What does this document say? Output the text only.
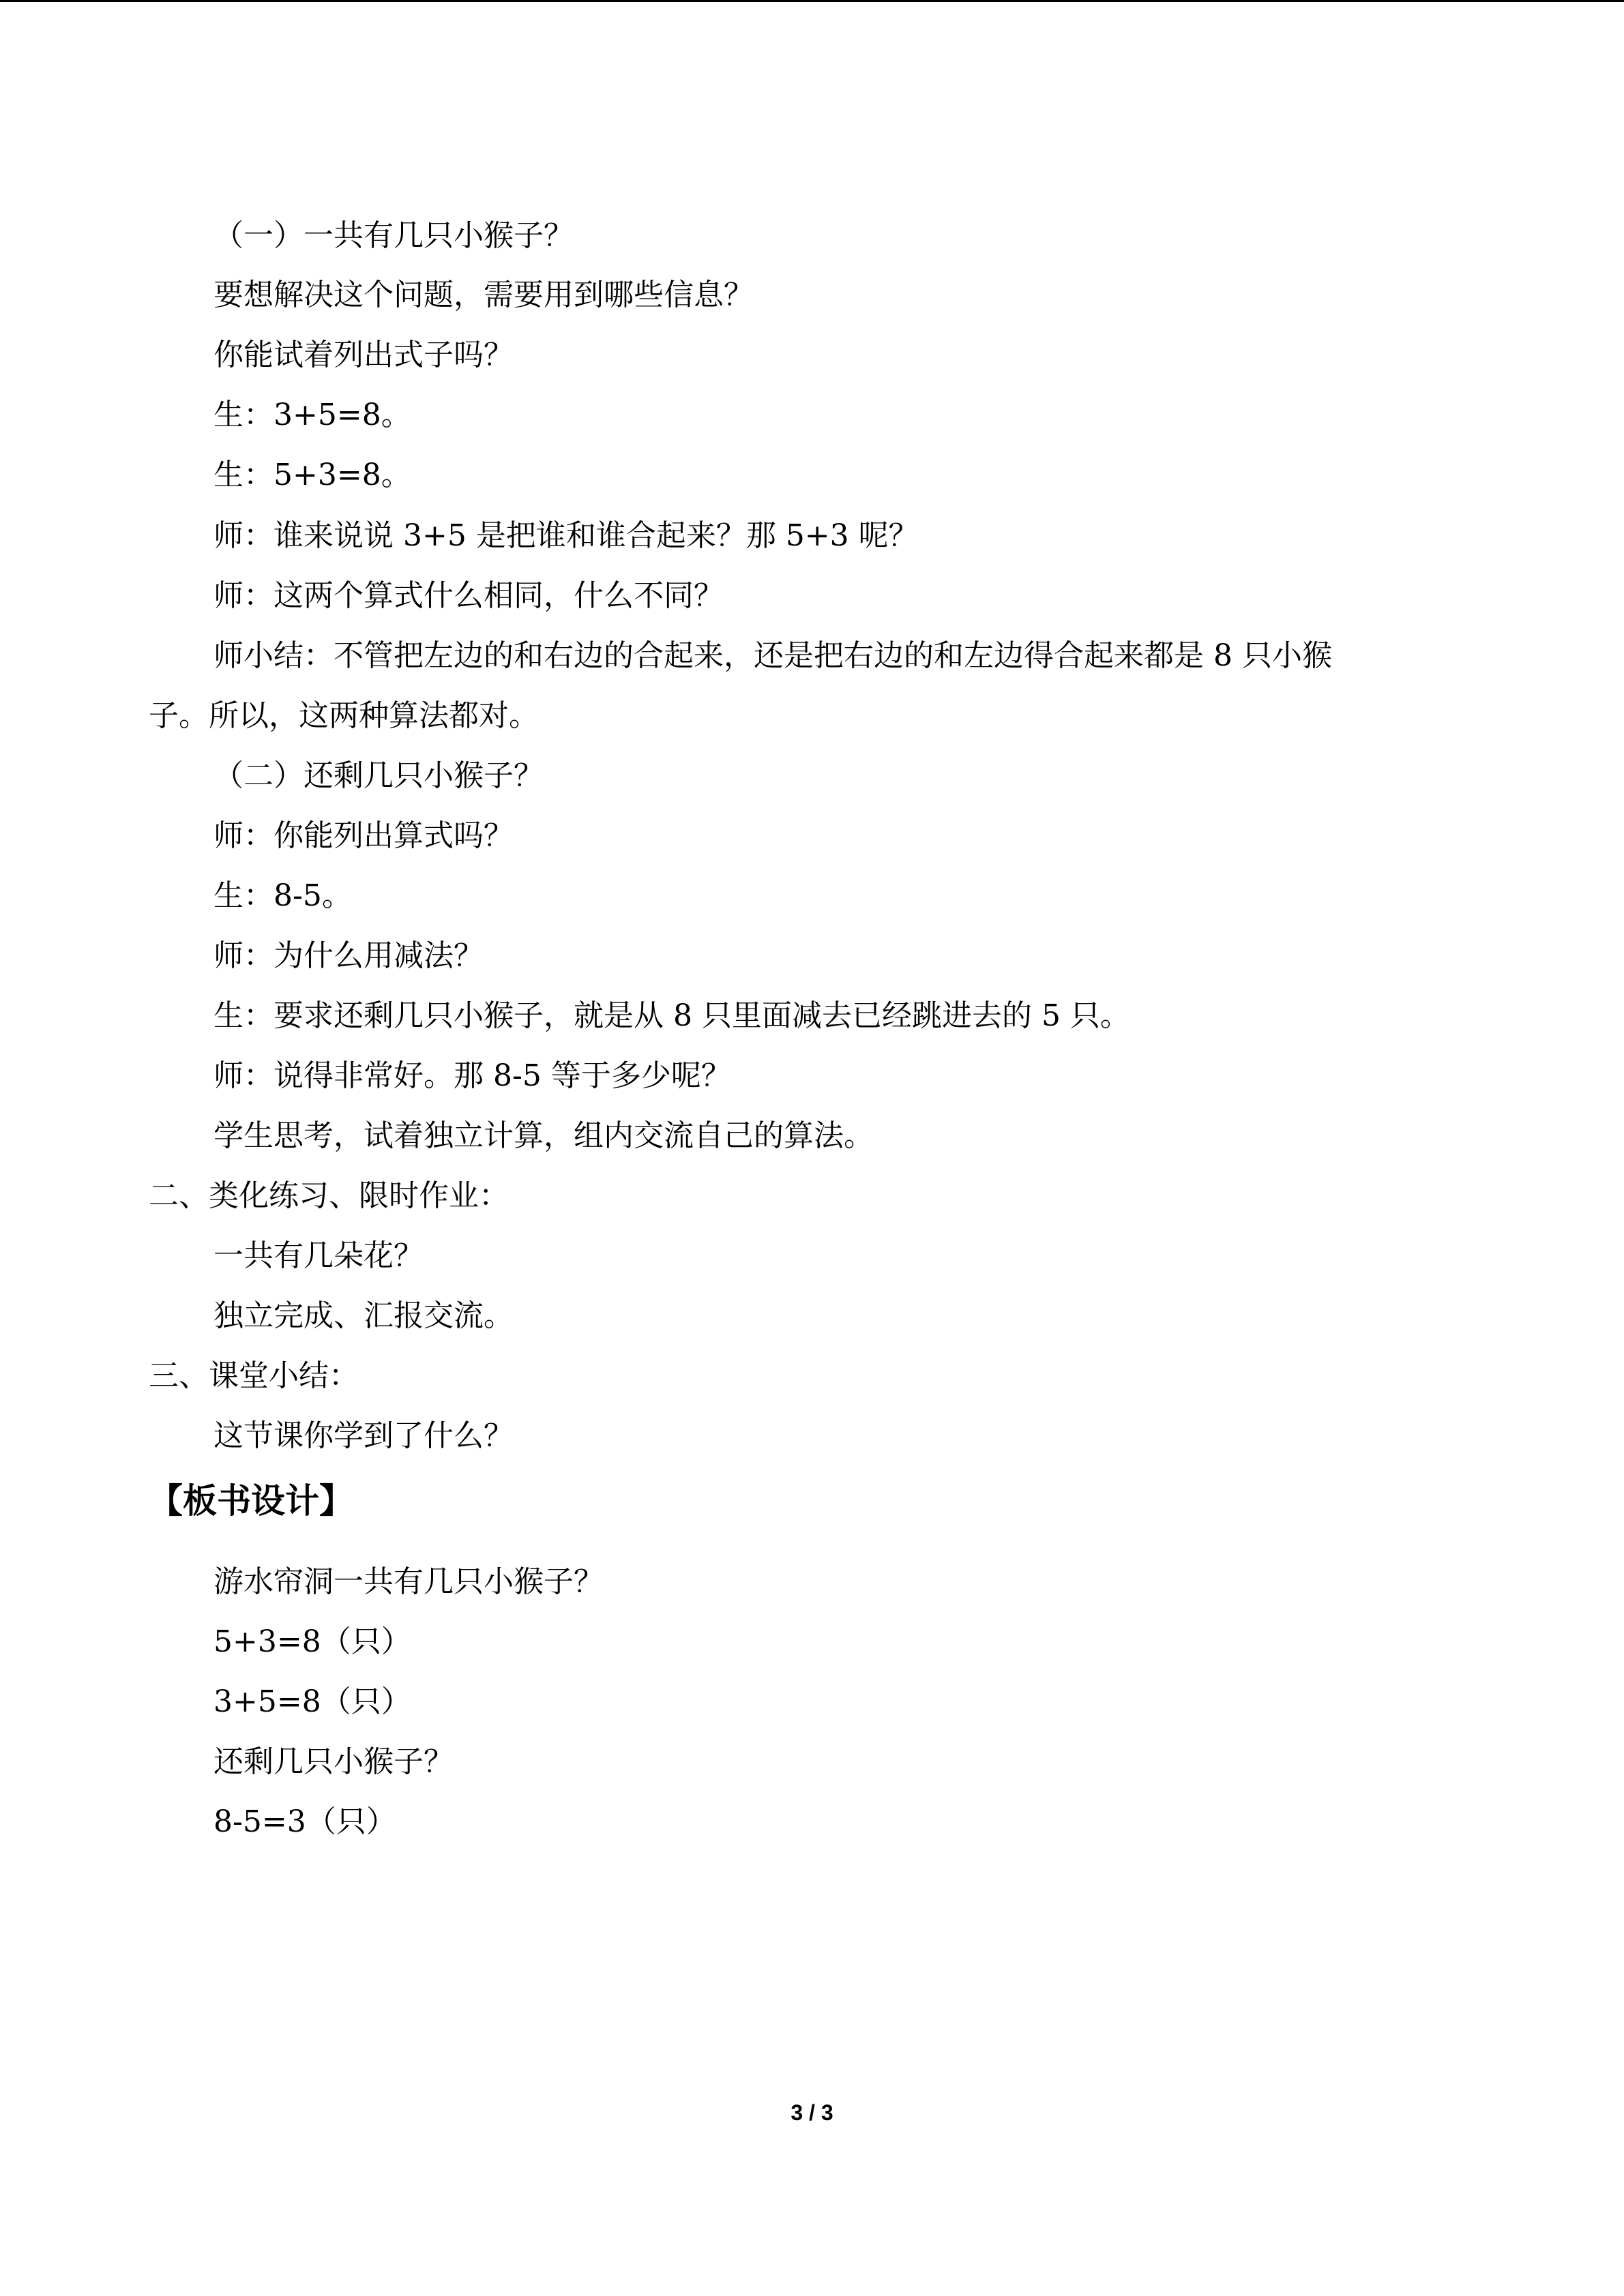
（一）一共有几只小猴子？
要想解决这个问题，需要用到哪些信息？
你能试着列出式子吗？
生：3+5=8。
生：5+3=8。
师：谁来说说 3+5 是把谁和谁合起来？那 5+3 呢？
师：这两个算式什么相同，什么不同？
师小结：不管把左边的和右边的合起来，还是把右边的和左边得合起来都是 8 只小猴
子。所以，这两种算法都对。
（二）还剩几只小猴子？
师：你能列出算式吗？
生：8-5。
师：为什么用减法？
生：要求还剩几只小猴子，就是从 8 只里面减去已经跳进去的 5 只。
师：说得非常好。那 8-5 等于多少呢？
学生思考，试着独立计算，组内交流自己的算法。
二、类化练习、限时作业：
一共有几朵花？
独立完成、汇报交流。
三、课堂小结：
这节课你学到了什么？
【板书设计】
游水帘洞一共有几只小猴子？
5+3=8（只）
3+5=8（只）
还剩几只小猴子？
8-5=3（只）
3 / 3
